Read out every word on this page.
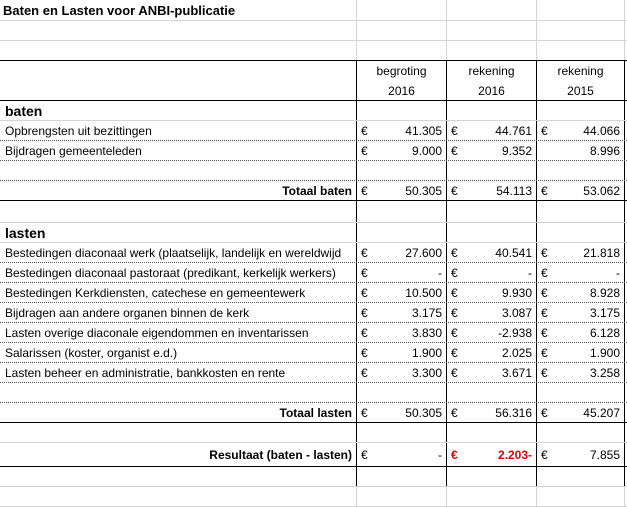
Baten en Lasten voor ANBI-publicatie
begroting	rekening	rekening
2016	2016	2015
baten
Opbrengsten uit bezittingen	€	41.305 €	44.761 €	44.066
Bijdragen gemeenteleden	€	9.000 €	9.352	8.996
Totaal baten €	50.305 €	54.113 €	53.062
lasten
Bestedingen diaconaal werk (plaatselijk, landelijk en wereldwijd	€	27.600 €	40.541 €	21.818
Bestedingen diaconaal pastoraat (predikant, kerkelijk werkers)	€	- €	- €	-
Bestedingen Kerkdiensten, catechese en gemeentewerk	€	10.500 €	9.930 €	8.928
Bijdragen aan andere organen binnen de kerk	€	3.175 €	3.087 €	3.175
Lasten overige diaconale eigendommen en inventarissen	€	3.830 €	-2.938 €	6.128
Salarissen (koster, organist e.d.)	€	1.900 €	2.025 €	1.900
Lasten beheer en administratie, bankkosten en rente	€	3.300 €	3.671 €	3.258
Totaal lasten €	50.305 €	56.316 €	45.207
Resultaat (baten - lasten) €	- €	2.203- €	7.855
